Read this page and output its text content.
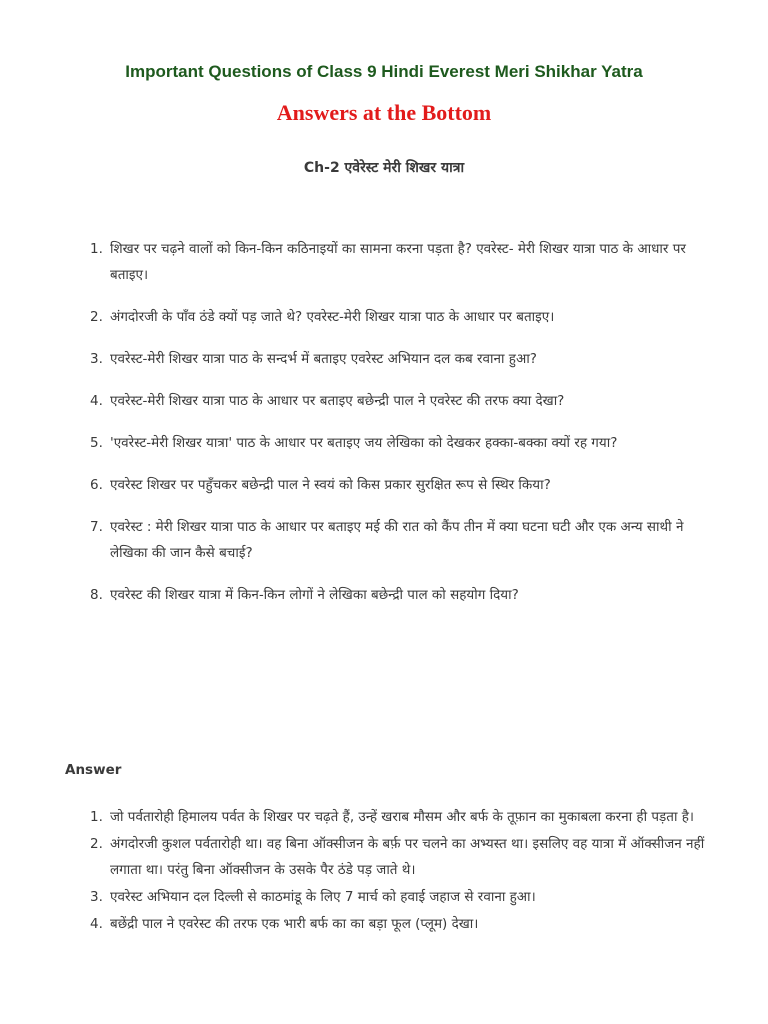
Important Questions of Class 9 Hindi Everest Meri Shikhar Yatra
Answers at the Bottom
Ch-2 एवेरेस्ट मेरी शिखर यात्रा
1. शिखर पर चढ़ने वालों को किन-किन कठिनाइयों का सामना करना पड़ता है? एवरेस्ट- मेरी शिखर यात्रा पाठ के आधार पर बताइए।
2. अंगदोरजी के पाँव ठंडे क्यों पड़ जाते थे? एवरेस्ट-मेरी शिखर यात्रा पाठ के आधार पर बताइए।
3. एवरेस्ट-मेरी शिखर यात्रा पाठ के सन्दर्भ में बताइए एवरेस्ट अभियान दल कब रवाना हुआ?
4. एवरेस्ट-मेरी शिखर यात्रा पाठ के आधार पर बताइए बछेन्द्री पाल ने एवरेस्ट की तरफ क्या देखा?
5. 'एवरेस्ट-मेरी शिखर यात्रा' पाठ के आधार पर बताइए जय लेखिका को देखकर हक्का-बक्का क्यों रह गया?
6. एवरेस्ट शिखर पर पहुँचकर बछेन्द्री पाल ने स्वयं को किस प्रकार सुरक्षित रूप से स्थिर किया?
7. एवरेस्ट : मेरी शिखर यात्रा पाठ के आधार पर बताइए मई की रात को कैंप तीन में क्या घटना घटी और एक अन्य साथी ने लेखिका की जान कैसे बचाई?
8. एवरेस्ट की शिखर यात्रा में किन-किन लोगों ने लेखिका बछेन्द्री पाल को सहयोग दिया?

Answer

1. जो पर्वतारोही हिमालय पर्वत के शिखर पर चढ़ते हैं, उन्हें खराब मौसम और बर्फ के तूफ़ान का मुकाबला करना ही पड़ता है।
2. अंगदोरजी कुशल पर्वतारोही था। वह बिना ऑक्सीजन के बर्फ़ पर चलने का अभ्यस्त था। इसलिए वह यात्रा में ऑक्सीजन नहीं लगाता था। परंतु बिना ऑक्सीजन के उसके पैर ठंडे पड़ जाते थे।
3. एवरेस्ट अभियान दल दिल्ली से काठमांडू के लिए 7 मार्च को हवाई जहाज से रवाना हुआ।
4. बछेंद्री पाल ने एवरेस्ट की तरफ एक भारी बर्फ का का बड़ा फूल (प्लूम) देखा।
